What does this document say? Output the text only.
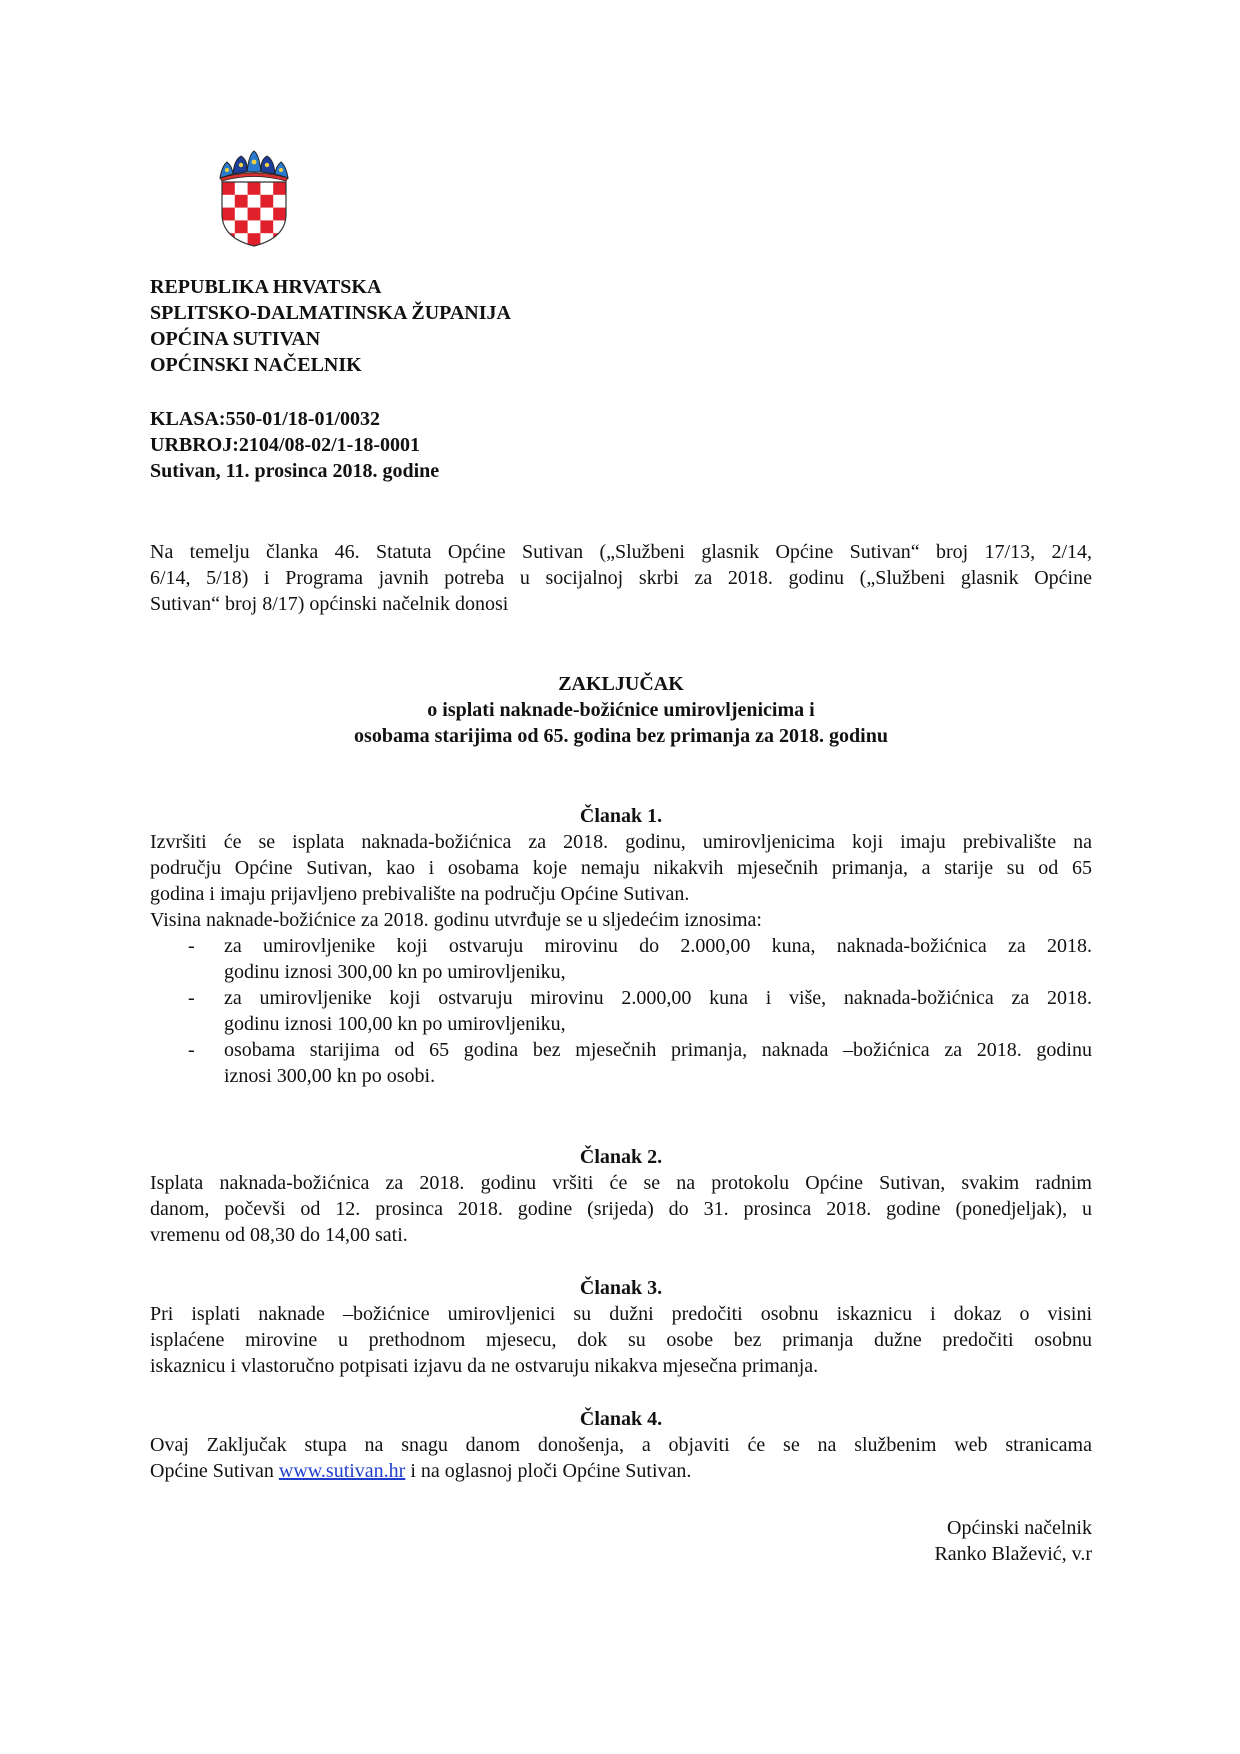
REPUBLIKA HRVATSKA
SPLITSKO-DALMATINSKA ŽUPANIJA
OPĆINA SUTIVAN
OPĆINSKI NAČELNIK
KLASA:550-01/18-01/0032
URBROJ:2104/08-02/1-18-0001
Sutivan, 11. prosinca 2018. godine
Na temelju članka 46. Statuta Općine Sutivan („Službeni glasnik Općine Sutivan“ broj 17/13, 2/14,
6/14, 5/18) i Programa javnih potreba u socijalnoj skrbi za 2018. godinu („Službeni glasnik Općine
Sutivan“ broj 8/17) općinski načelnik donosi
ZAKLJUČAK
o isplati naknade-božićnice umirovljenicima i
osobama starijima od 65. godina bez primanja za 2018. godinu
Članak 1.
Izvršiti će se isplata naknada-božićnica za 2018. godinu, umirovljenicima koji imaju prebivalište na
području Općine Sutivan, kao i osobama koje nemaju nikakvih mjesečnih primanja, a starije su od 65
godina i imaju prijavljeno prebivalište na području Općine Sutivan.
Visina naknade-božićnice za 2018. godinu utvrđuje se u sljedećim iznosima:
- za umirovljenike koji ostvaruju mirovinu do 2.000,00 kuna, naknada-božićnica za 2018.
godinu iznosi 300,00 kn po umirovljeniku,
- za umirovljenike koji ostvaruju mirovinu 2.000,00 kuna i više, naknada-božićnica za 2018.
godinu iznosi 100,00 kn po umirovljeniku,
- osobama starijima od 65 godina bez mjesečnih primanja, naknada –božićnica za 2018. godinu
iznosi 300,00 kn po osobi.
Članak 2.
Isplata naknada-božićnica za 2018. godinu vršiti će se na protokolu Općine Sutivan, svakim radnim
danom, počevši od 12. prosinca 2018. godine (srijeda) do 31. prosinca 2018. godine (ponedjeljak), u
vremenu od 08,30 do 14,00 sati.
Članak 3.
Pri isplati naknade –božićnice umirovljenici su dužni predočiti osobnu iskaznicu i dokaz o visini
isplaćene mirovine u prethodnom mjesecu, dok su osobe bez primanja dužne predočiti osobnu
iskaznicu i vlastoručno potpisati izjavu da ne ostvaruju nikakva mjesečna primanja.
Članak 4.
Ovaj Zaključak stupa na snagu danom donošenja, a objaviti će se na službenim web stranicama
Općine Sutivan www.sutivan.hr i na oglasnoj ploči Općine Sutivan.
Općinski načelnik
Ranko Blažević, v.r
